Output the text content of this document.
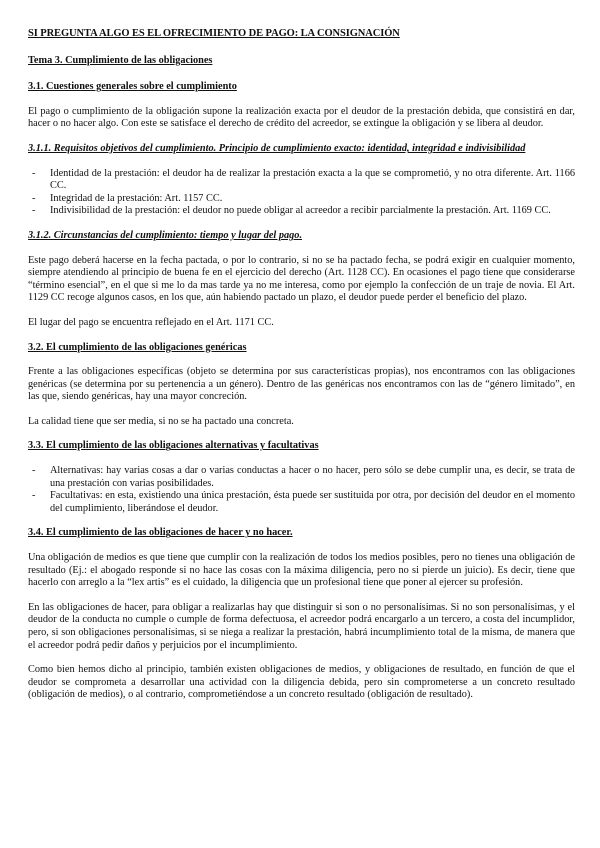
SI PREGUNTA ALGO ES EL OFRECIMIENTO DE PAGO: LA CONSIGNACIÓN
Tema 3. Cumplimiento de las obligaciones
3.1. Cuestiones generales sobre el cumplimiento

El pago o cumplimiento de la obligación supone la realización exacta por el deudor de la prestación debida, que consistirá en dar, hacer o no hacer algo. Con este se satisface el derecho de crédito del acreedor, se extingue la obligación y se libera al deudor.

3.1.1. Requisitos objetivos del cumplimiento. Principio de cumplimiento exacto: identidad, integridad e indivisibilidad
- Identidad de la prestación: el deudor ha de realizar la prestación exacta a la que se comprometió, y no otra diferente. Art. 1166 CC.
- Integridad de la prestación: Art. 1157 CC.
- Indivisibilidad de la prestación: el deudor no puede obligar al acreedor a recibir parcialmente la prestación. Art. 1169 CC.
3.1.2. Circunstancias del cumplimiento: tiempo y lugar del pago.

Este pago deberá hacerse en la fecha pactada, o por lo contrario, si no se ha pactado fecha, se podrá exigir en cualquier momento, siempre atendiendo al principio de buena fe en el ejercicio del derecho (Art. 1128 CC). En ocasiones el pago tiene que considerarse “término esencial”, en el que si me lo da mas tarde ya no me interesa, como por ejemplo la confección de un traje de novia. El Art. 1129 CC recoge algunos casos, en los que, aún habiendo pactado un plazo, el deudor puede perder el beneficio del plazo.

El lugar del pago se encuentra reflejado en el Art. 1171 CC.

3.2. El cumplimiento de las obligaciones genéricas

Frente a las obligaciones específicas (objeto se determina por sus características propias), nos encontramos con las obligaciones genéricas (se determina por su pertenencia a un género). Dentro de las genéricas nos encontramos con las de “género limitado”, en las que, siendo genéricas, hay una mayor concreción.

La calidad tiene que ser media, si no se ha pactado una concreta.

3.3. El cumplimiento de las obligaciones alternativas y facultativas
- Alternativas: hay varias cosas a dar o varias conductas a hacer o no hacer, pero sólo se debe cumplir una, es decir, se trata de una prestación con varias posibilidades.
- Facultativas: en esta, existiendo una única prestación, ésta puede ser sustituida por otra, por decisión del deudor en el momento del cumplimiento, liberándose el deudor.
3.4. El cumplimiento de las obligaciones de hacer y no hacer.

Una obligación de medios es que tiene que cumplir con la realización de todos los medios posibles, pero no tienes una obligación de resultado (Ej.: el abogado responde si no hace las cosas con la máxima diligencia, pero no si pierde un juicio). Es decir, tiene que hacerlo con arreglo a la “lex artis” es el cuidado, la diligencia que un profesional tiene que poner al ejercer su profesión.

En las obligaciones de hacer, para obligar a realizarlas hay que distinguir si son o no personalísimas. Si no son personalísimas, y el deudor de la conducta no cumple o cumple de forma defectuosa, el acreedor podrá encargarlo a un tercero, a costa del incumplidor, pero, si son obligaciones personalísimas, si se niega a realizar la prestación, habrá incumplimiento total de la misma, de manera que el acreedor podrá pedir daños y perjuicios por el incumplimiento.

Como bien hemos dicho al principio, también existen obligaciones de medios, y obligaciones de resultado, en función de que el deudor se comprometa a desarrollar una actividad con la diligencia debida, pero sin comprometerse a un concreto resultado (obligación de medios), o al contrario, comprometiéndose a un concreto resultado (obligación de resultado).
